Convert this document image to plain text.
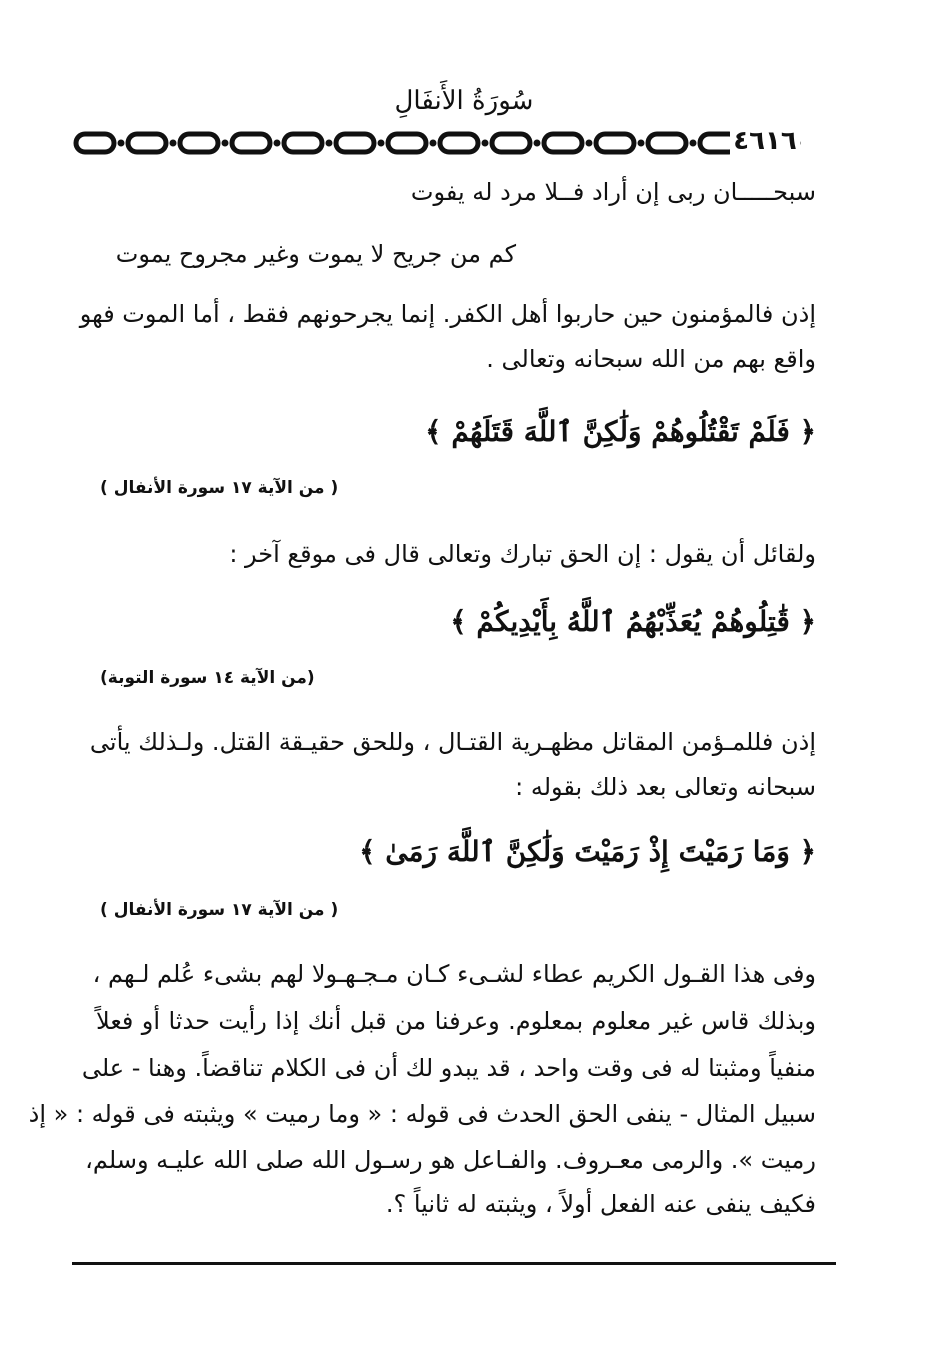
سُورَةُ الأَنفَالِ
٤٦١٦
سبحـــــان ربى إن أراد فــلا مرد له يفوت
كم من جريح لا يموت وغير مجروح يموت
إذن فالمؤمنون حين حاربوا أهل الكفر. إنما يجرحونهم فقط ، أما الموت فهو
واقع بهم من الله سبحانه وتعالى .
﴿ فَلَمْ تَقْتُلُوهُمْ وَلَٰكِنَّ ٱللَّهَ قَتَلَهُمْ ﴾
( من الآية ١٧ سورة الأنفال )
ولقائل أن يقول : إن الحق تبارك وتعالى قال فى موقع آخر :
﴿ قَٰتِلُوهُمْ يُعَذِّبْهُمُ ٱللَّهُ بِأَيْدِيكُمْ ﴾
(من الآية ١٤ سورة التوبة)
إذن فللمـؤمن المقاتل مظهـرية القتـال ، وللحق حقيـقة القتل. ولـذلك يأتى
سبحانه وتعالى بعد ذلك بقوله :
﴿ وَمَا رَمَيْتَ إِذْ رَمَيْتَ وَلَٰكِنَّ ٱللَّهَ رَمَىٰ ﴾
( من الآية ١٧ سورة الأنفال )
وفى هذا القـول الكريم عطاء لشـىء كـان مـجـهـولا لهم بشىء عُلم لـهم ،
وبذلك قاس غير معلوم بمعلوم. وعرفنا من قبل أنك إذا رأيت حدثا أو فعلاً
منفياً ومثبتا له فى وقت واحد ، قد يبدو لك أن فى الكلام تناقضاً. وهنا - على
سبيل المثال - ينفى الحق الحدث فى قوله : « وما رميت » ويثبته فى قوله : « إذ
رميت ». والرمى معـروف. والفـاعل هو رسـول الله صلى الله عليـه وسلم،
فكيف ينفى عنه الفعل أولاً ، ويثبته له ثانياً ؟.
